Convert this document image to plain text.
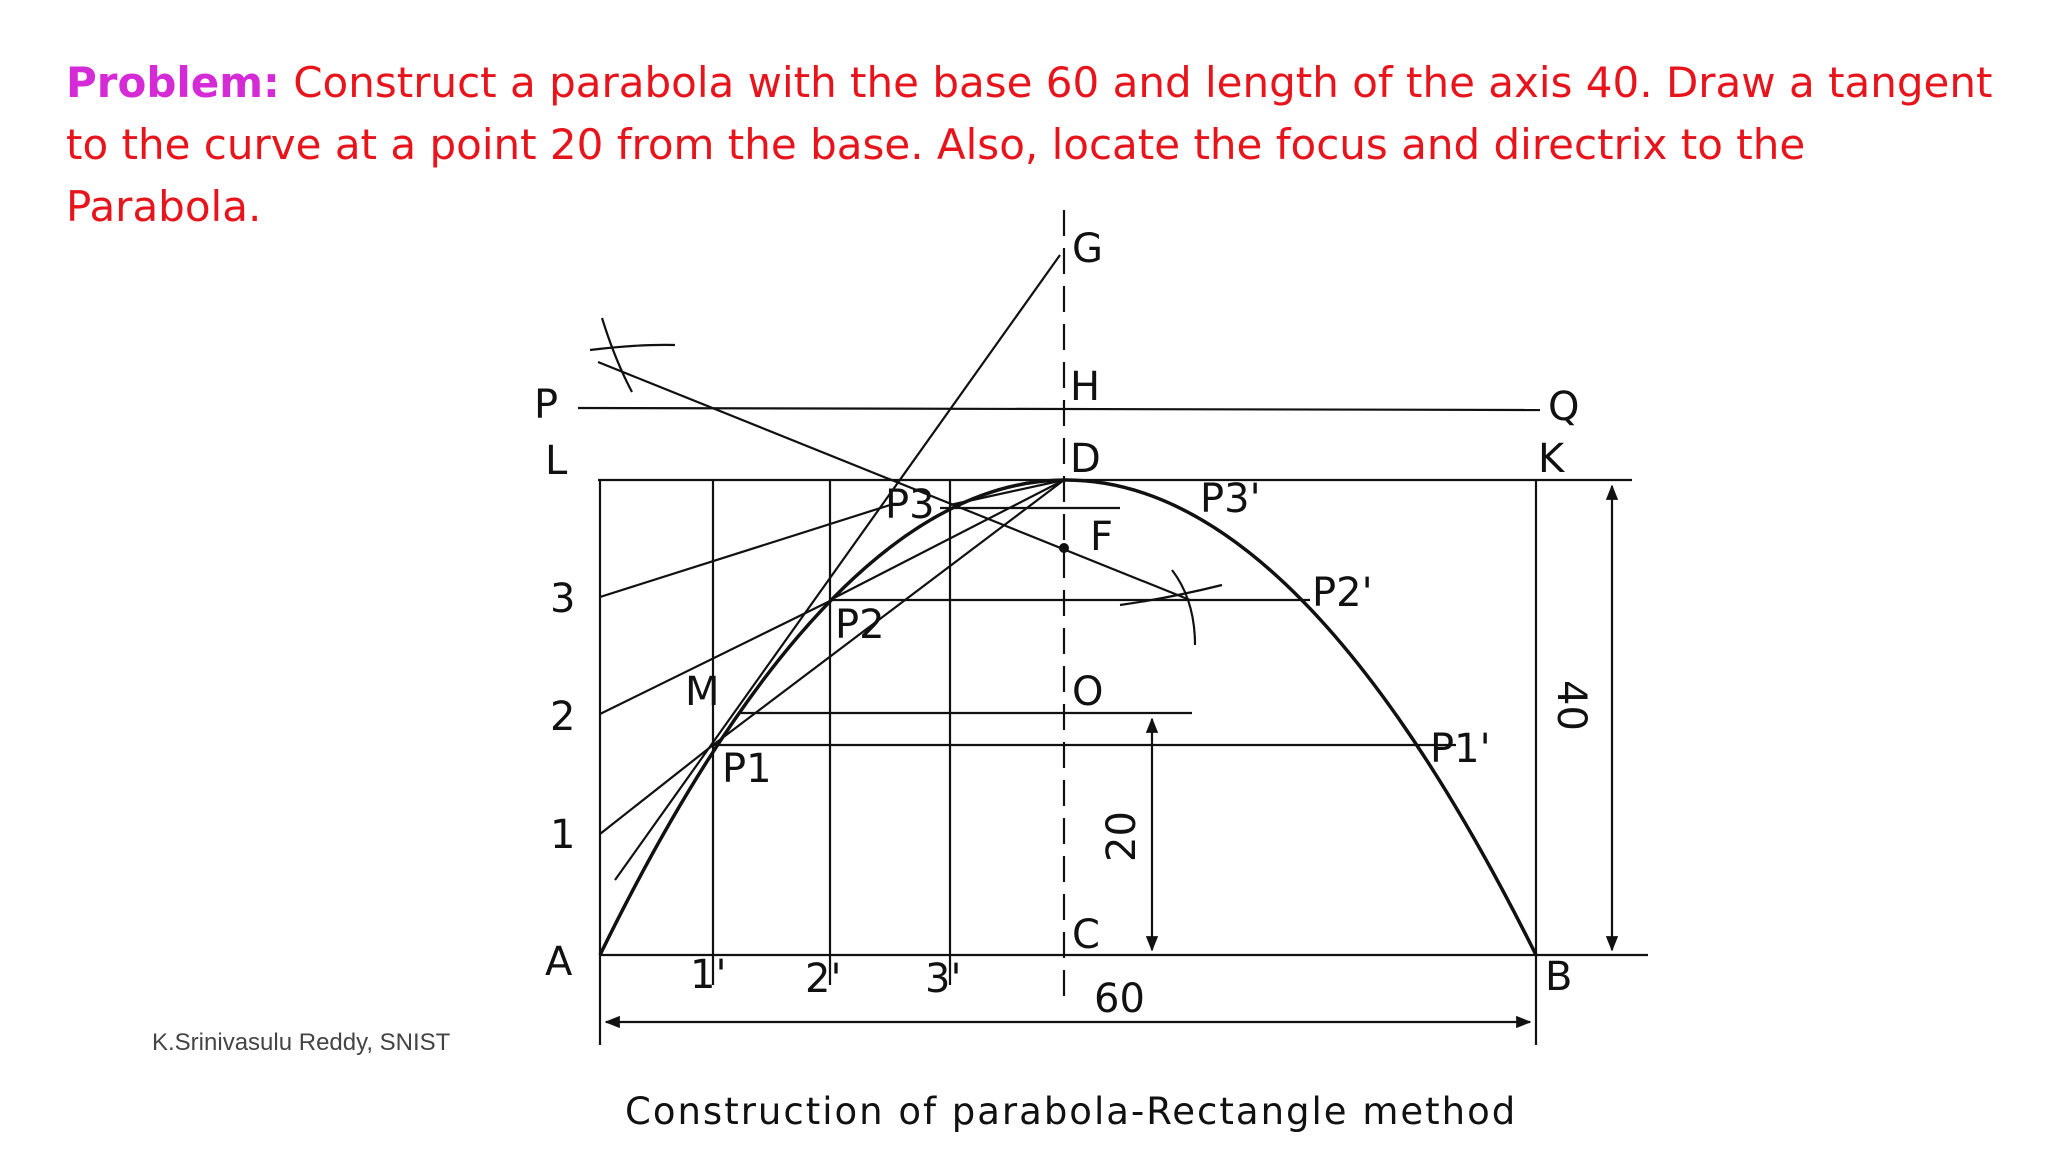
Problem: Construct a parabola with the base 60 and length of the axis 40. Draw a tangent to the curve at a point 20 from the base. Also, locate the focus and directrix to the Parabola.
G
H
D
F
O
C
P	Q
L	K
A	B
M
3
2
1
1' 2' 3'
P1
P2
P3
P1'
P2'
P3'
60
20
40
K.Srinivasulu Reddy, SNIST
Construction of parabola-Rectangle method
